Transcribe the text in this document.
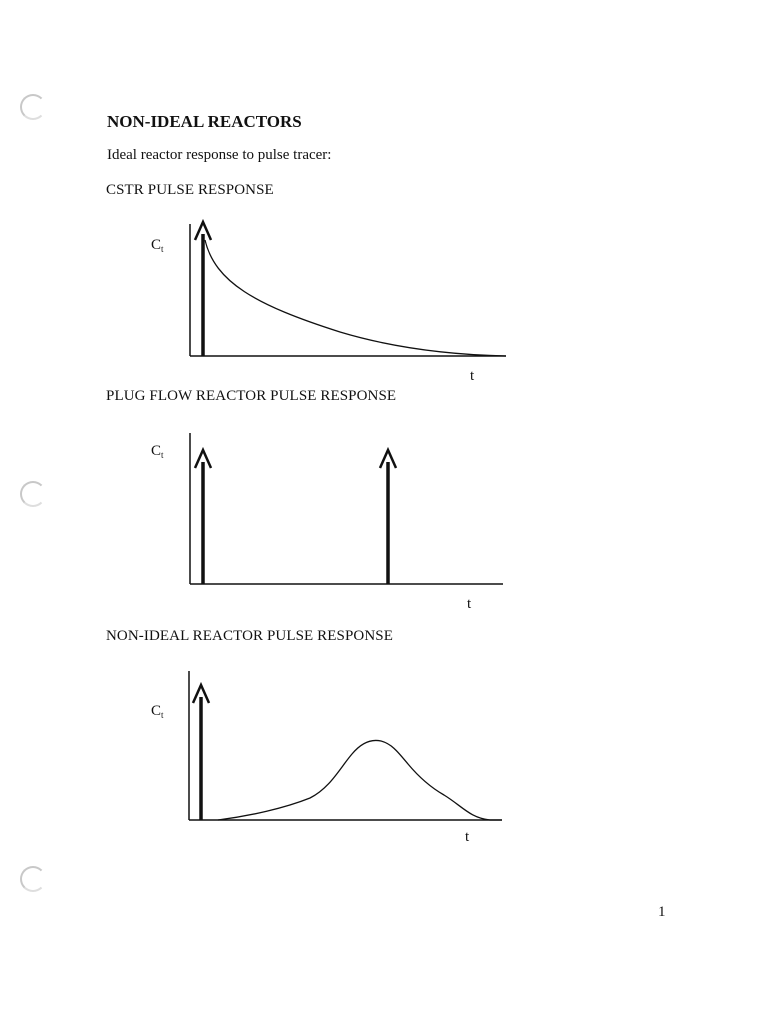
NON-IDEAL REACTORS
Ideal reactor response to pulse tracer:
CSTR PULSE RESPONSE
PLUG FLOW REACTOR PULSE RESPONSE
NON-IDEAL REACTOR PULSE RESPONSE
$C_t$
t
$C_t$
t
$C_t$
t
1
